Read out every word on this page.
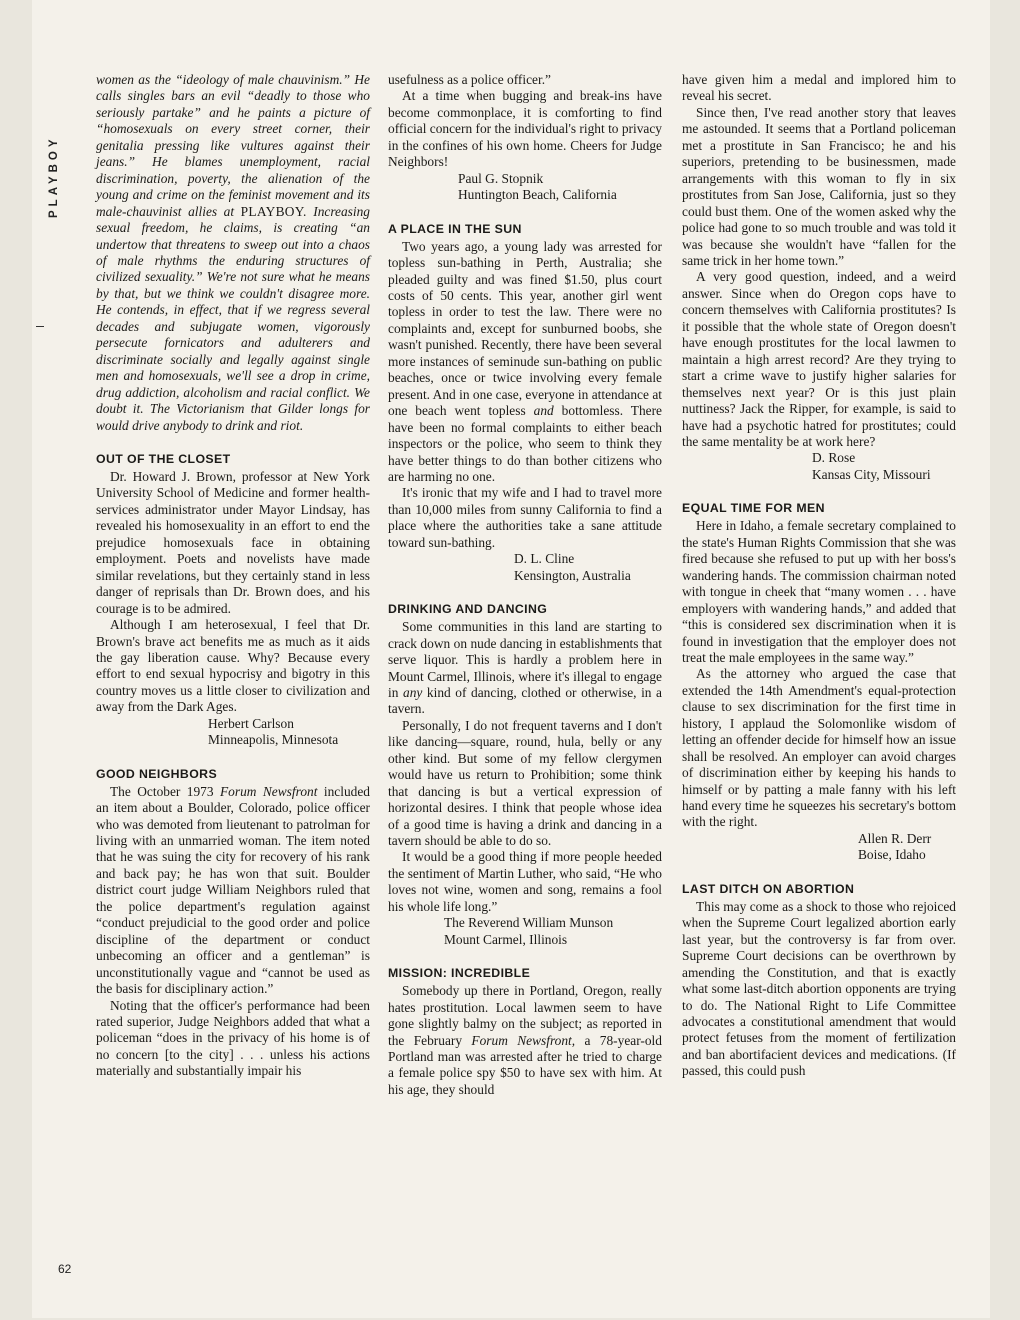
PLAYBOY
62

women as the “ideology of male chauvinism.” He calls singles bars an evil “deadly to those who seriously partake” and he paints a picture of “homosexuals on every street corner, their genitalia pressing like vultures against their jeans.” He blames unemployment, racial discrimination, poverty, the alienation of the young and crime on the feminist movement and its male-chauvinist allies at PLAYBOY. Increasing sexual freedom, he claims, is creating “an undertow that threatens to sweep out into a chaos of male rhythms the enduring structures of civilized sexuality.” We're not sure what he means by that, but we think we couldn't disagree more. He contends, in effect, that if we regress several decades and subjugate women, vigorously persecute fornicators and adulterers and discriminate socially and legally against single men and homosexuals, we'll see a drop in crime, drug addiction, alcoholism and racial conflict. We doubt it. The Victorianism that Gilder longs for would drive anybody to drink and riot.

OUT OF THE CLOSET

Dr. Howard J. Brown, professor at New York University School of Medicine and former health-services administrator under Mayor Lindsay, has revealed his homosexuality in an effort to end the prejudice homosexuals face in obtaining employment. Poets and novelists have made similar revelations, but they certainly stand in less danger of reprisals than Dr. Brown does, and his courage is to be admired.

Although I am heterosexual, I feel that Dr. Brown's brave act benefits me as much as it aids the gay liberation cause. Why? Because every effort to end sexual hypocrisy and bigotry in this country moves us a little closer to civilization and away from the Dark Ages.

Herbert Carlson
Minneapolis, Minnesota
GOOD NEIGHBORS

The October 1973 Forum Newsfront included an item about a Boulder, Colorado, police officer who was demoted from lieutenant to patrolman for living with an unmarried woman. The item noted that he was suing the city for recovery of his rank and back pay; he has won that suit. Boulder district court judge William Neighbors ruled that the police department's regulation against “conduct prejudicial to the good order and police discipline of the department or conduct unbecoming an officer and a gentleman” is unconstitutionally vague and “cannot be used as the basis for disciplinary action.”

Noting that the officer's performance had been rated superior, Judge Neighbors added that what a policeman “does in the privacy of his home is of no concern [to the city] . . . unless his actions materially and substantially impair his

usefulness as a police officer.”

At a time when bugging and break-ins have become commonplace, it is comforting to find official concern for the individual's right to privacy in the confines of his own home. Cheers for Judge Neighbors!

Paul G. Stopnik
Huntington Beach, California
A PLACE IN THE SUN

Two years ago, a young lady was arrested for topless sun-bathing in Perth, Australia; she pleaded guilty and was fined $1.50, plus court costs of 50 cents. This year, another girl went topless in order to test the law. There were no complaints and, except for sunburned boobs, she wasn't punished. Recently, there have been several more instances of seminude sun-bathing on public beaches, once or twice involving every female present. And in one case, everyone in attendance at one beach went topless and bottomless. There have been no formal complaints to either beach inspectors or the police, who seem to think they have better things to do than bother citizens who are harming no one.

It's ironic that my wife and I had to travel more than 10,000 miles from sunny California to find a place where the authorities take a sane attitude toward sun-bathing.

D. L. Cline
Kensington, Australia
DRINKING AND DANCING

Some communities in this land are starting to crack down on nude dancing in establishments that serve liquor. This is hardly a problem here in Mount Carmel, Illinois, where it's illegal to engage in any kind of dancing, clothed or otherwise, in a tavern.

Personally, I do not frequent taverns and I don't like dancing—square, round, hula, belly or any other kind. But some of my fellow clergymen would have us return to Prohibition; some think that dancing is but a vertical expression of horizontal desires. I think that people whose idea of a good time is having a drink and dancing in a tavern should be able to do so.

It would be a good thing if more people heeded the sentiment of Martin Luther, who said, “He who loves not wine, women and song, remains a fool his whole life long.”

The Reverend William Munson
Mount Carmel, Illinois
MISSION: INCREDIBLE

Somebody up there in Portland, Oregon, really hates prostitution. Local lawmen seem to have gone slightly balmy on the subject; as reported in the February Forum Newsfront, a 78-year-old Portland man was arrested after he tried to charge a female police spy $50 to have sex with him. At his age, they should

have given him a medal and implored him to reveal his secret.

Since then, I've read another story that leaves me astounded. It seems that a Portland policeman met a prostitute in San Francisco; he and his superiors, pretending to be businessmen, made arrangements with this woman to fly in six prostitutes from San Jose, California, just so they could bust them. One of the women asked why the police had gone to so much trouble and was told it was because she wouldn't have “fallen for the same trick in her home town.”

A very good question, indeed, and a weird answer. Since when do Oregon cops have to concern themselves with California prostitutes? Is it possible that the whole state of Oregon doesn't have enough prostitutes for the local lawmen to maintain a high arrest record? Are they trying to start a crime wave to justify higher salaries for themselves next year? Or is this just plain nuttiness? Jack the Ripper, for example, is said to have had a psychotic hatred for prostitutes; could the same mentality be at work here?

D. Rose
Kansas City, Missouri
EQUAL TIME FOR MEN

Here in Idaho, a female secretary complained to the state's Human Rights Commission that she was fired because she refused to put up with her boss's wandering hands. The commission chairman noted with tongue in cheek that “many women . . . have employers with wandering hands,” and added that “this is considered sex discrimination when it is found in investigation that the employer does not treat the male employees in the same way.”

As the attorney who argued the case that extended the 14th Amendment's equal-protection clause to sex discrimination for the first time in history, I applaud the Solomonlike wisdom of letting an offender decide for himself how an issue shall be resolved. An employer can avoid charges of discrimination either by keeping his hands to himself or by patting a male fanny with his left hand every time he squeezes his secretary's bottom with the right.

Allen R. Derr
Boise, Idaho
LAST DITCH ON ABORTION

This may come as a shock to those who rejoiced when the Supreme Court legalized abortion early last year, but the controversy is far from over. Supreme Court decisions can be overthrown by amending the Constitution, and that is exactly what some last-ditch abortion opponents are trying to do. The National Right to Life Committee advocates a constitutional amendment that would protect fetuses from the moment of fertilization and ban abortifacient devices and medications. (If passed, this could push
